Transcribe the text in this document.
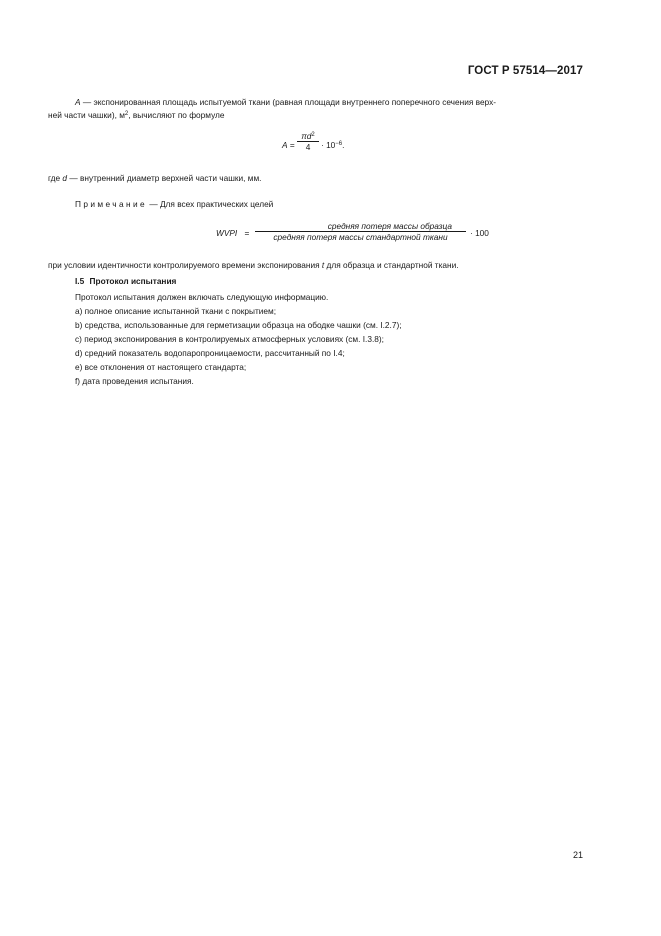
ГОСТ Р 57514—2017
A — экспонированная площадь испытуемой ткани (равная площади внутреннего поперечного сечения верх-
ней части чашки), $м^2$, вычисляют по формуле
A =
$\pi d^2$
4	· $10^{-6}$.
где d — внутренний диаметр верхней части чашки, мм.
Примечание — Для всех практических целей
WVPI =
средняя потеря массы образца
средняя потеря массы стандартной ткани	· 100
при условии идентичности контролируемого времени экспонирования t для образца и стандартной ткани.
I.5 Протокол испытания
Протокол испытания должен включать следующую информацию.
a) полное описание испытанной ткани с покрытием;
b) средства, использованные для герметизации образца на ободке чашки (см. I.2.7);
c) период экспонирования в контролируемых атмосферных условиях (см. I.3.8);
d) средний показатель водопаропроницаемости, рассчитанный по I.4;
e) все отклонения от настоящего стандарта;
f) дата проведения испытания.
21
